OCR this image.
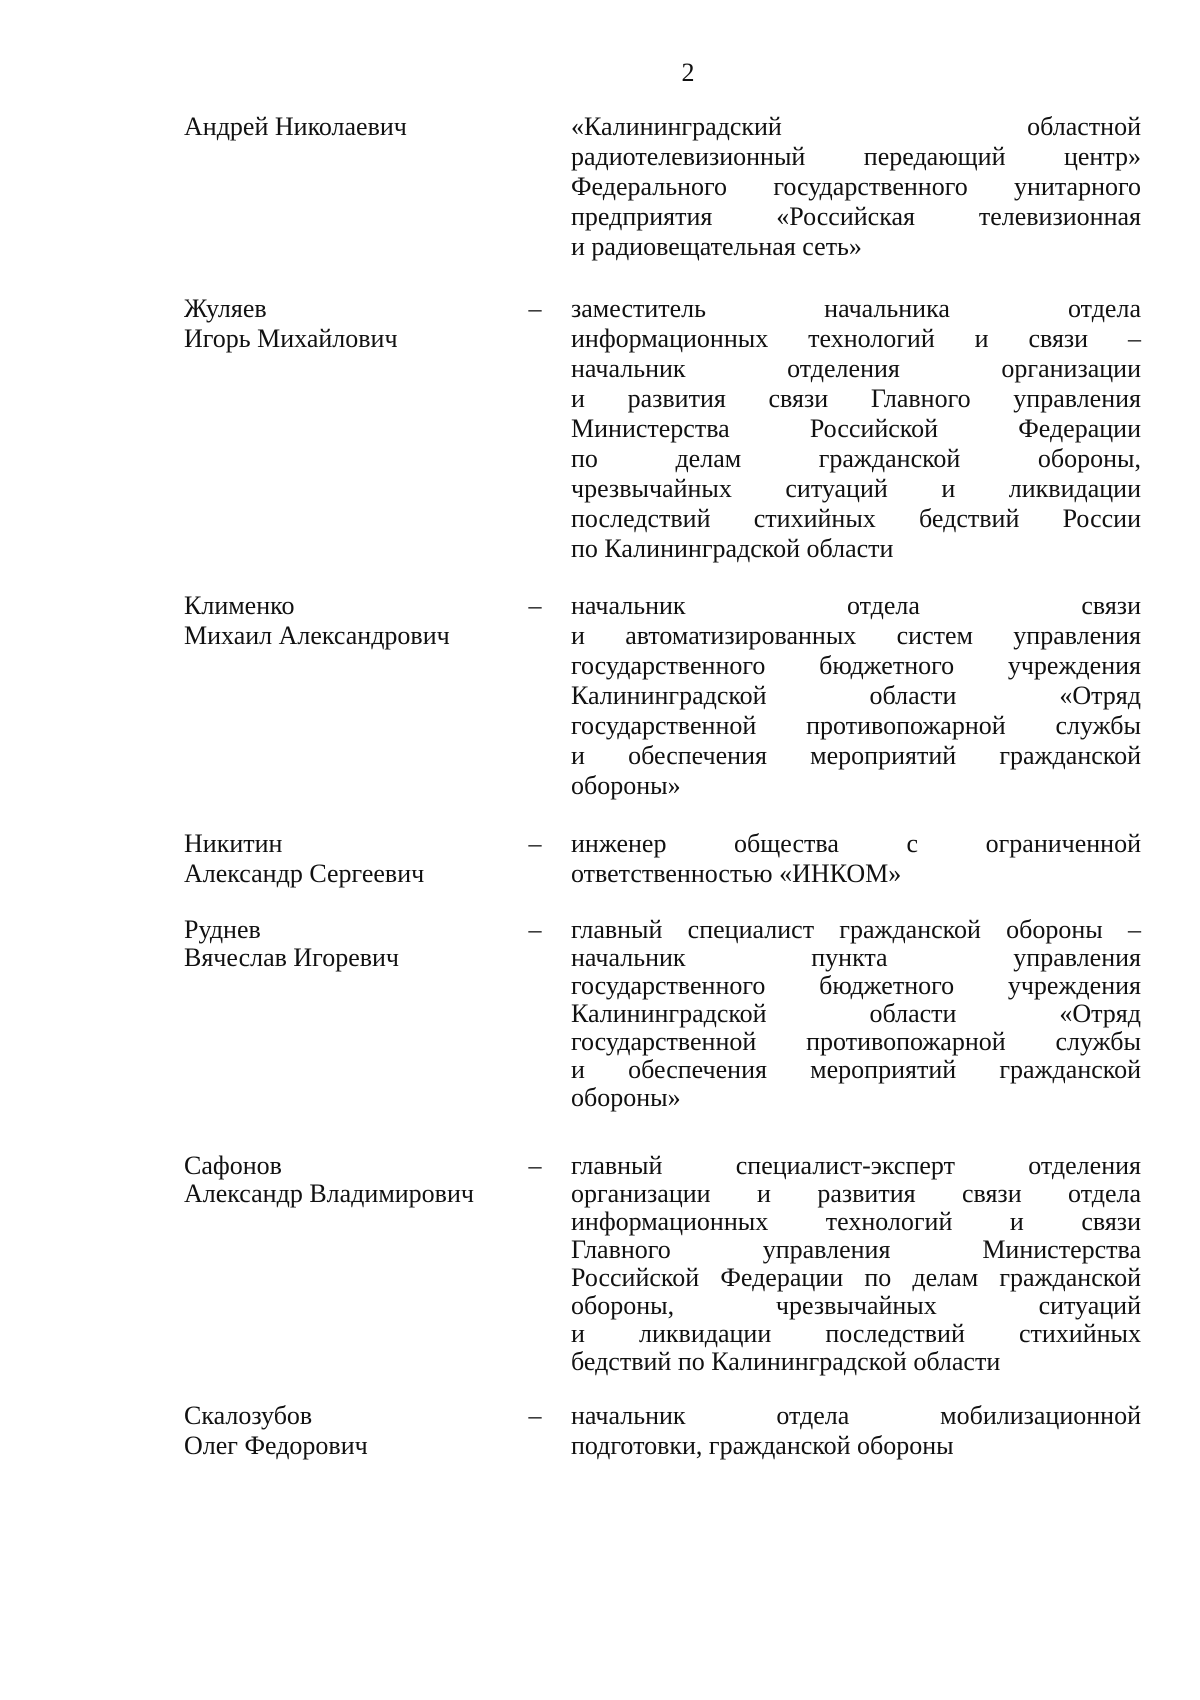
2
Андрей Николаевич	«Калининградский областной
радиотелевизионный передающий центр»
Федерального государственного унитарного
предприятия «Российская телевизионная
и радиовещательная сеть»
Жуляев
Игорь Михайлович
– заместитель начальника отдела
информационных технологий и связи –
начальник отделения организации
и развития связи Главного управления
Министерства Российской Федерации
по делам гражданской обороны,
чрезвычайных ситуаций и ликвидации
последствий стихийных бедствий России
по Калининградской области
Клименко
Михаил Александрович
– начальник отдела связи
и автоматизированных систем управления
государственного бюджетного учреждения
Калининградской области «Отряд
государственной противопожарной службы
и обеспечения мероприятий гражданской
обороны»
Никитин
Александр Сергеевич
– инженер общества с ограниченной
ответственностью «ИНКОМ»
Руднев
Вячеслав Игоревич
– главный специалист гражданской обороны –
начальник пункта управления
государственного бюджетного учреждения
Калининградской области «Отряд
государственной противопожарной службы
и обеспечения мероприятий гражданской
обороны»
Сафонов
Александр Владимирович
– главный специалист-эксперт отделения
организации и развития связи отдела
информационных технологий и связи
Главного управления Министерства
Российской Федерации по делам гражданской
обороны, чрезвычайных ситуаций
и ликвидации последствий стихийных
бедствий по Калининградской области
Скалозубов
Олег Федорович
– начальник отдела мобилизационной
подготовки, гражданской обороны
